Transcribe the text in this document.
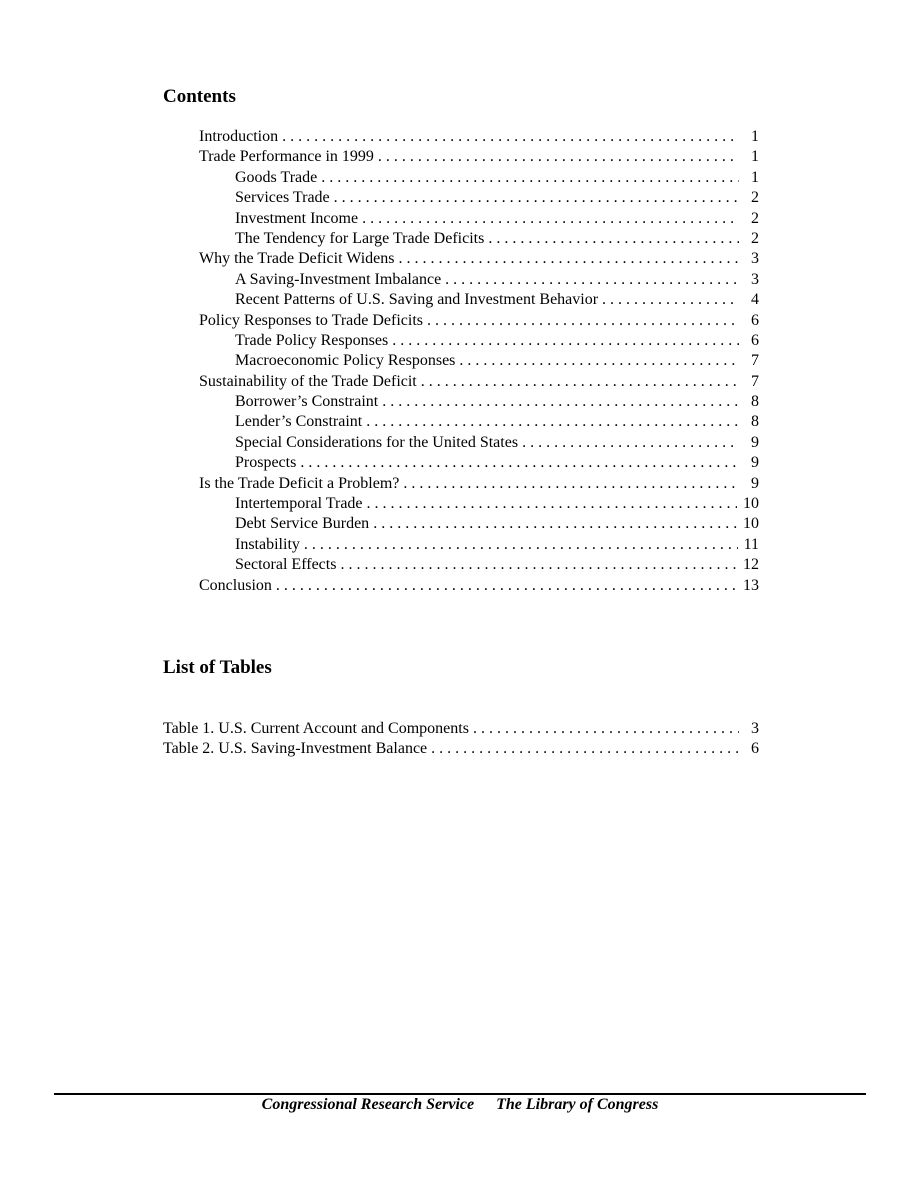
Contents
Introduction . . .	1
Trade Performance in 1999 . . .	1
Goods Trade . . .	1
Services Trade . . .	2
Investment Income . . .	2
The Tendency for Large Trade Deficits . . .	2
Why the Trade Deficit Widens . . .	3
A Saving-Investment Imbalance . . .	3
Recent Patterns of U.S. Saving and Investment Behavior . . .	4
Policy Responses to Trade Deficits . . .	6
Trade Policy Responses . . .	6
Macroeconomic Policy Responses . . .	7
Sustainability of the Trade Deficit . . .	7
Borrower’s Constraint . . .	8
Lender’s Constraint . . .	8
Special Considerations for the United States . . .	9
Prospects . . .	9
Is the Trade Deficit a Problem? . . .	9
Intertemporal Trade . . .	10
Debt Service Burden . . .	10
Instability . . .	11
Sectoral Effects . . .	12
Conclusion . . .	13
List of Tables
Table 1. U.S. Current Account and Components . . .	3
Table 2. U.S. Saving-Investment Balance . . .	6
Congressional Research Service The Library of Congress
